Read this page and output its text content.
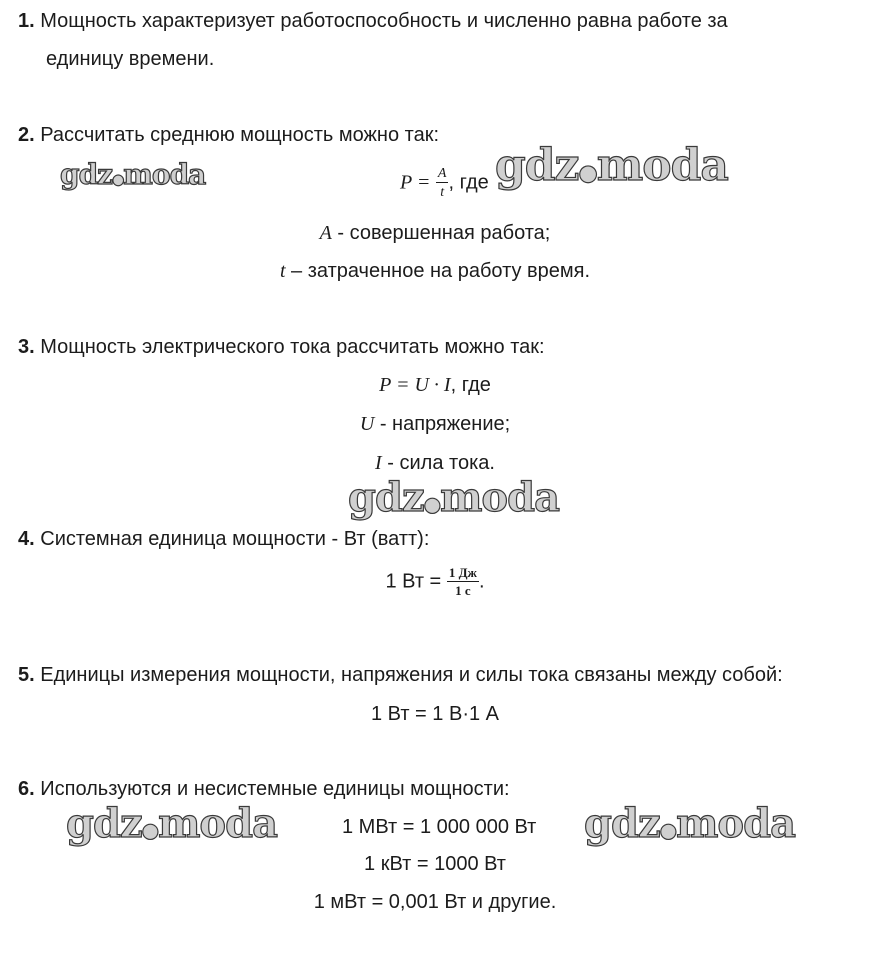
1. Мощность характеризует работоспособность и численно равна работе за
единицу времени.
2. Рассчитать среднюю мощность можно так:
$P = \frac{A}{t}$ , где
A - совершенная работа;
t – затраченное на работу время.
3. Мощность электрического тока рассчитать можно так:
P = U · I, где
U - напряжение;
I - сила тока.
4. Системная единица мощности - Вт (ватт):
1 Вт = $\frac{1 Дж}{1 с}$ .
5. Единицы измерения мощности, напряжения и силы тока связаны между собой:
1 Вт = 1 В·1 А
6. Используются и несистемные единицы мощности:
1 МВт = 1 000 000 Вт
1 кВт = 1000 Вт
1 мВт = 0,001 Вт и другие.
gdz●moda	gdz●moda
gdz●moda
gdz●moda	gdz●moda
